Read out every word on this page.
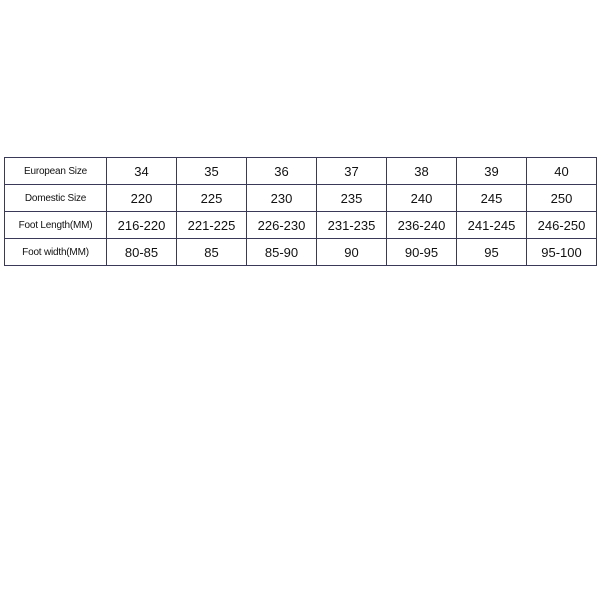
European Size	34	35	36	37	38	39	40
Domestic Size	220	225	230	235	240	245	250
Foot Length(MM)	216-220	221-225	226-230	231-235	236-240	241-245	246-250
Foot width(MM)	80-85	85	85-90	90	90-95	95	95-100
